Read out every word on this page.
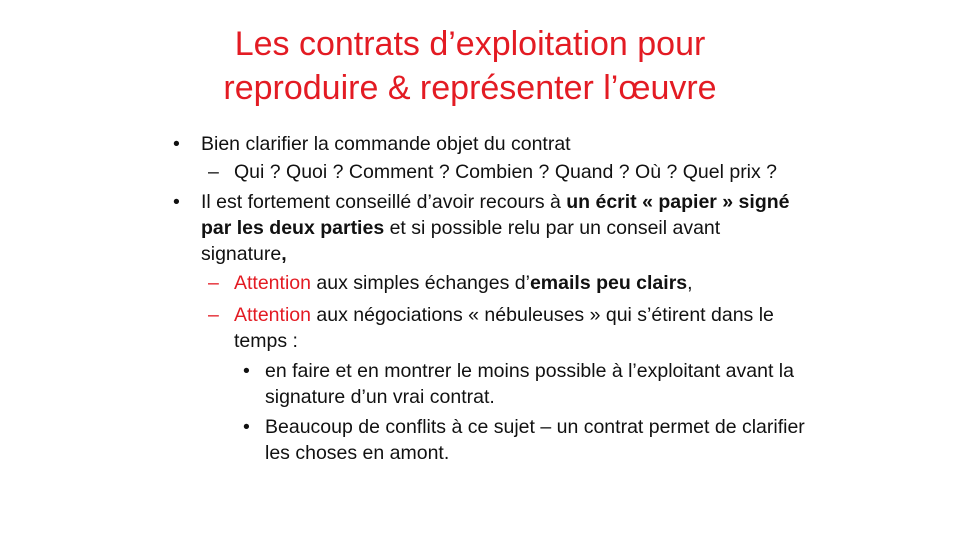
Les contrats d’exploitation pour
reproduire & représenter l’œuvre
• Bien clarifier la commande objet du contrat
– Qui ? Quoi ? Comment ? Combien ? Quand ? Où ? Quel prix ?
• Il est fortement conseillé d’avoir recours à un écrit « papier » signé par les deux parties et si possible relu par un conseil avant signature,
– Attention aux simples échanges d’emails peu clairs,
– Attention aux négociations « nébuleuses » qui s’étirent dans le temps :
• en faire et en montrer le moins possible à l’exploitant avant la signature d’un vrai contrat.
• Beaucoup de conflits à ce sujet – un contrat permet de clarifier les choses en amont.
